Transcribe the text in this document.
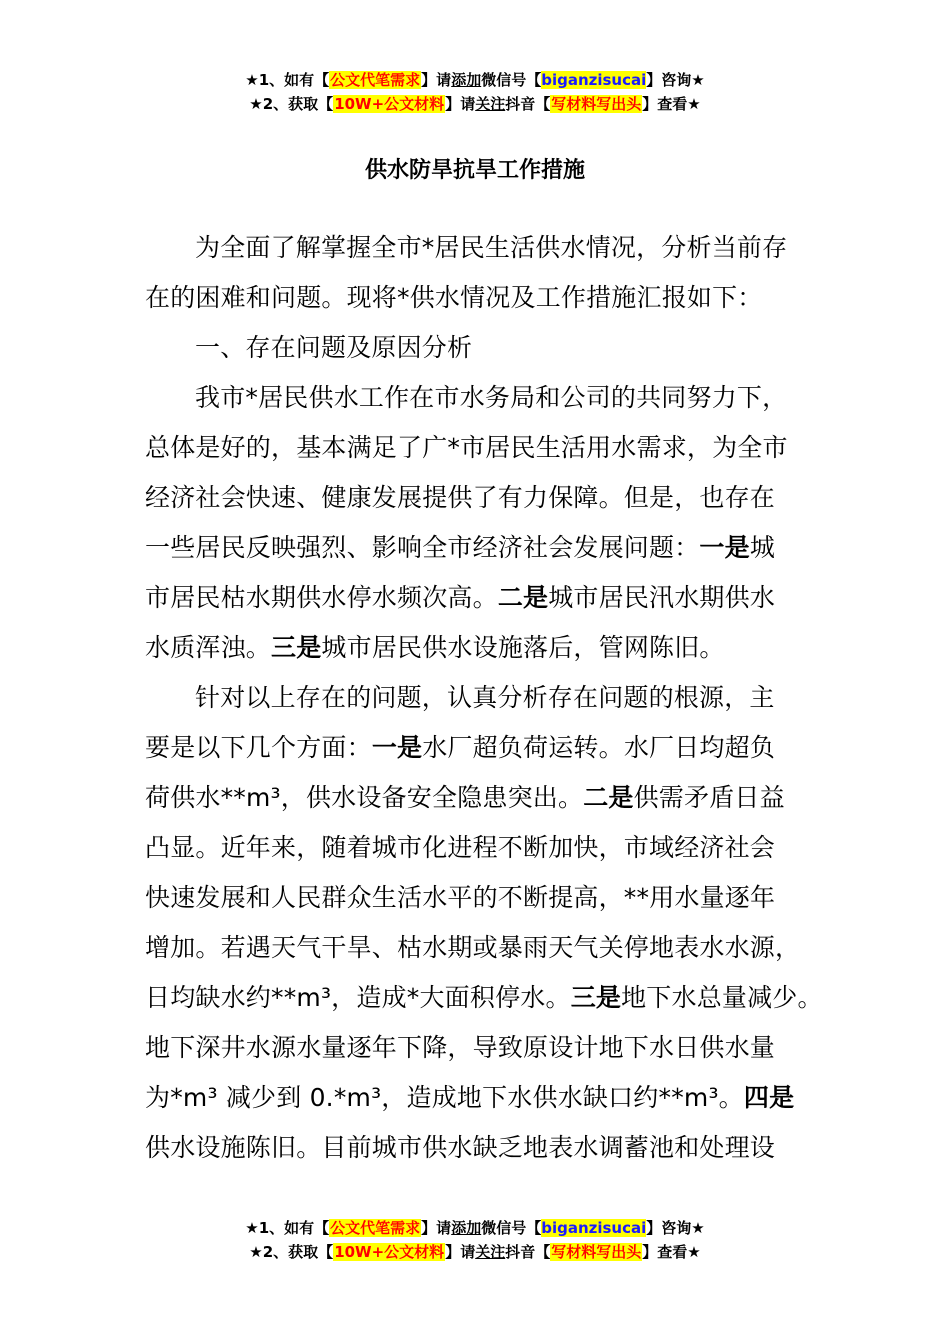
★1、如有【公文代笔需求】请添加微信号【biganzisucai】咨询★
★2、获取【10W+公文材料】请关注抖音【写材料写出头】查看★
供水防旱抗旱工作措施
为全面了解掌握全市*居民生活供水情况，分析当前存
在的困难和问题。现将*供水情况及工作措施汇报如下：
一、存在问题及原因分析
我市*居民供水工作在市水务局和公司的共同努力下，
总体是好的，基本满足了广*市居民生活用水需求，为全市
经济社会快速、健康发展提供了有力保障。但是，也存在
一些居民反映强烈、影响全市经济社会发展问题：一是城
市居民枯水期供水停水频次高。二是城市居民汛水期供水
水质浑浊。三是城市居民供水设施落后，管网陈旧。
针对以上存在的问题，认真分析存在问题的根源，主
要是以下几个方面：一是水厂超负荷运转。水厂日均超负
荷供水**m³，供水设备安全隐患突出。二是供需矛盾日益
凸显。近年来，随着城市化进程不断加快，市域经济社会
快速发展和人民群众生活水平的不断提高，**用水量逐年
增加。若遇天气干旱、枯水期或暴雨天气关停地表水水源，
日均缺水约**m³，造成*大面积停水。三是地下水总量减少。
地下深井水源水量逐年下降，导致原设计地下水日供水量
为*m³ 减少到 0.*m³，造成地下水供水缺口约**m³。四是
供水设施陈旧。目前城市供水缺乏地表水调蓄池和处理设
★1、如有【公文代笔需求】请添加微信号【biganzisucai】咨询★
★2、获取【10W+公文材料】请关注抖音【写材料写出头】查看★
